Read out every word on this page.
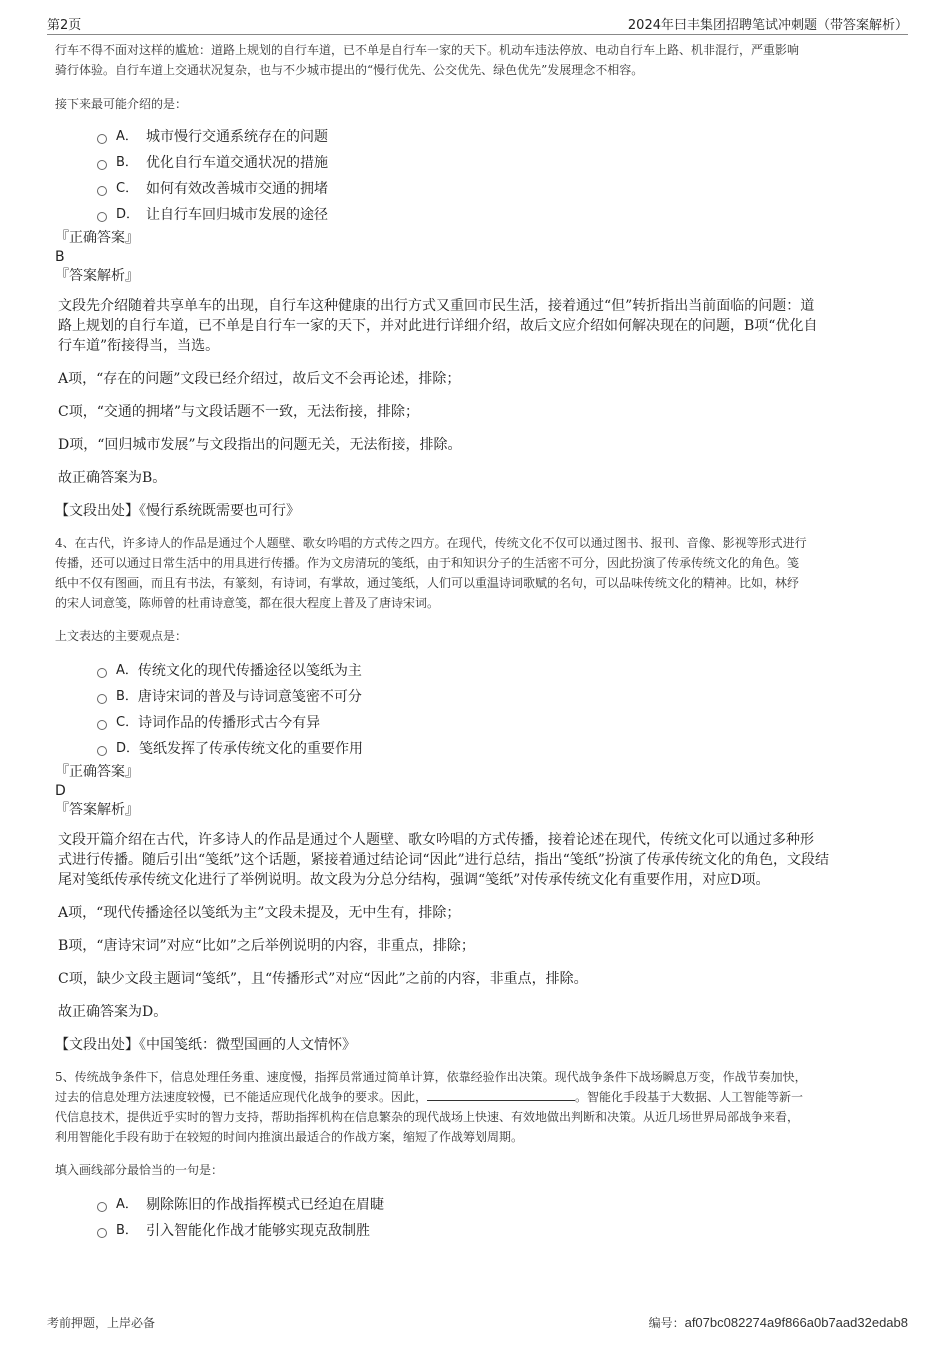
第2页	2024年曰丰集团招聘笔试冲刺题（带答案解析）

行车不得不面对这样的尴尬：道路上规划的自行车道，已不单是自行车一家的天下。机动车违法停放、电动自行车上路、机非混行，严重影响

骑行体验。自行车道上交通状况复杂，也与不少城市提出的“慢行优先、公交优先、绿色优先”发展理念不相容。

接下来最可能介绍的是：

A． 城市慢行交通系统存在的问题
B． 优化自行车道交通状况的措施
C． 如何有效改善城市交通的拥堵
D． 让自行车回归城市发展的途径

『正确答案』

B

『答案解析』

文段先介绍随着共享单车的出现，自行车这种健康的出行方式又重回市民生活，接着通过“但”转折指出当前面临的问题：道

路上规划的自行车道，已不单是自行车一家的天下，并对此进行详细介绍，故后文应介绍如何解决现在的问题，B项“优化自

行车道”衔接得当，当选。

A项，“存在的问题”文段已经介绍过，故后文不会再论述，排除；

C项，“交通的拥堵”与文段话题不一致，无法衔接，排除；

D项，“回归城市发展”与文段指出的问题无关，无法衔接，排除。

故正确答案为B。

【文段出处】《慢行系统既需要也可行》

4、在古代，许多诗人的作品是通过个人题壁、歌女吟唱的方式传之四方。在现代，传统文化不仅可以通过图书、报刊、音像、影视等形式进行

传播，还可以通过日常生活中的用具进行传播。作为文房清玩的笺纸，由于和知识分子的生活密不可分，因此扮演了传承传统文化的角色。笺

纸中不仅有图画，而且有书法，有篆刻，有诗词，有掌故，通过笺纸，人们可以重温诗词歌赋的名句，可以品味传统文化的精神。比如，林纾

的宋人词意笺，陈师曾的杜甫诗意笺，都在很大程度上普及了唐诗宋词。

上文表达的主要观点是：

A． 传统文化的现代传播途径以笺纸为主
B． 唐诗宋词的普及与诗词意笺密不可分
C． 诗词作品的传播形式古今有异
D． 笺纸发挥了传承传统文化的重要作用

『正确答案』

D

『答案解析』

文段开篇介绍在古代，许多诗人的作品是通过个人题壁、歌女吟唱的方式传播，接着论述在现代，传统文化可以通过多种形

式进行传播。随后引出“笺纸”这个话题，紧接着通过结论词“因此”进行总结，指出“笺纸”扮演了传承传统文化的角色，文段结

尾对笺纸传承传统文化进行了举例说明。故文段为分总分结构，强调“笺纸”对传承传统文化有重要作用，对应D项。

A项，“现代传播途径以笺纸为主”文段未提及，无中生有，排除；

B项，“唐诗宋词”对应“比如”之后举例说明的内容，非重点，排除；

C项，缺少文段主题词“笺纸”，且“传播形式”对应“因此”之前的内容，非重点，排除。

故正确答案为D。

【文段出处】《中国笺纸：微型国画的人文情怀》

5、传统战争条件下，信息处理任务重、速度慢，指挥员常通过简单计算，依靠经验作出决策。现代战争条件下战场瞬息万变，作战节奏加快，

过去的信息处理方法速度较慢，已不能适应现代化战争的要求。因此，	。智能化手段基于大数据、人工智能等新一

代信息技术，提供近乎实时的智力支持，帮助指挥机构在信息繁杂的现代战场上快速、有效地做出判断和决策。从近几场世界局部战争来看，

利用智能化手段有助于在较短的时间内推演出最适合的作战方案，缩短了作战筹划周期。

填入画线部分最恰当的一句是：

A． 剔除陈旧的作战指挥模式已经迫在眉睫
B． 引入智能化作战才能够实现克敌制胜
考前押题，上岸必备	编号：af07bc082274a9f866a0b7aad32edab8
